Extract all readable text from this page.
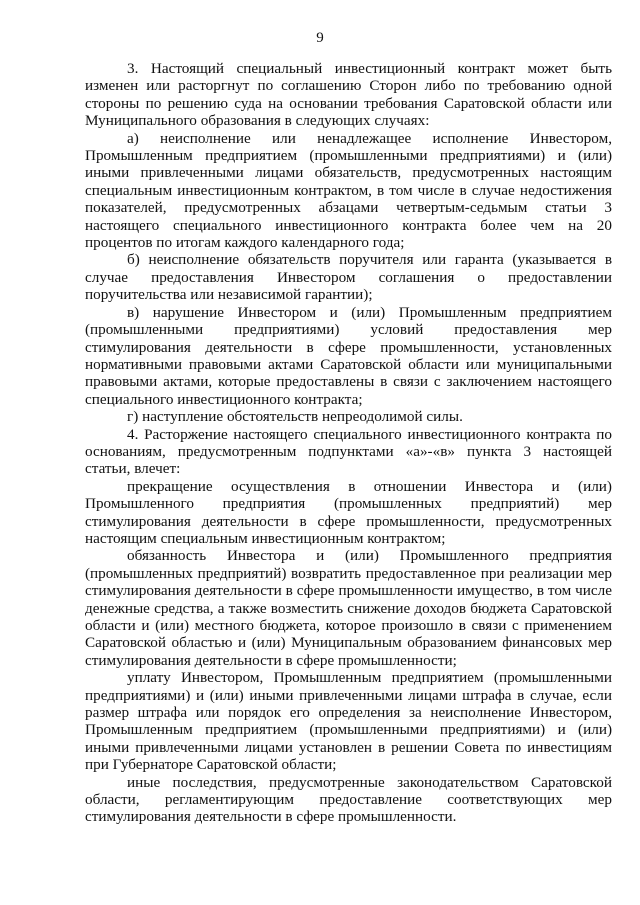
9

3. Настоящий специальный инвестиционный контракт может быть изменен или расторгнут по соглашению Сторон либо по требованию одной стороны по решению суда на основании требования Саратовской области или Муниципального образования в следующих случаях:

а) неисполнение или ненадлежащее исполнение Инвестором, Промышленным предприятием (промышленными предприятиями) и (или) иными привлеченными лицами обязательств, предусмотренных настоящим специальным инвестиционным контрактом, в том числе в случае недостижения показателей, предусмотренных абзацами четвертым-седьмым статьи 3 настоящего специального инвестиционного контракта более чем на 20 процентов по итогам каждого календарного года;

б) неисполнение обязательств поручителя или гаранта (указывается в случае предоставления Инвестором соглашения о предоставлении поручительства или независимой гарантии);

в) нарушение Инвестором и (или) Промышленным предприятием (промышленными предприятиями) условий предоставления мер стимулирования деятельности в сфере промышленности, установленных нормативными правовыми актами Саратовской области или муниципальными правовыми актами, которые предоставлены в связи с заключением настоящего специального инвестиционного контракта;

г) наступление обстоятельств непреодолимой силы.

4. Расторжение настоящего специального инвестиционного контракта по основаниям, предусмотренным подпунктами «а»-«в» пункта 3 настоящей статьи, влечет:

прекращение осуществления в отношении Инвестора и (или) Промышленного предприятия (промышленных предприятий) мер стимулирования деятельности в сфере промышленности, предусмотренных настоящим специальным инвестиционным контрактом;

обязанность Инвестора и (или) Промышленного предприятия (промышленных предприятий) возвратить предоставленное при реализации мер стимулирования деятельности в сфере промышленности имущество, в том числе денежные средства, а также возместить снижение доходов бюджета Саратовской области и (или) местного бюджета, которое произошло в связи с применением Саратовской областью и (или) Муниципальным образованием финансовых мер стимулирования деятельности в сфере промышленности;

уплату Инвестором, Промышленным предприятием (промышленными предприятиями) и (или) иными привлеченными лицами штрафа в случае, если размер штрафа или порядок его определения за неисполнение Инвестором, Промышленным предприятием (промышленными предприятиями) и (или) иными привлеченными лицами установлен в решении Совета по инвестициям при Губернаторе Саратовской области;

иные последствия, предусмотренные законодательством Саратовской области, регламентирующим предоставление соответствующих мер стимулирования деятельности в сфере промышленности.
